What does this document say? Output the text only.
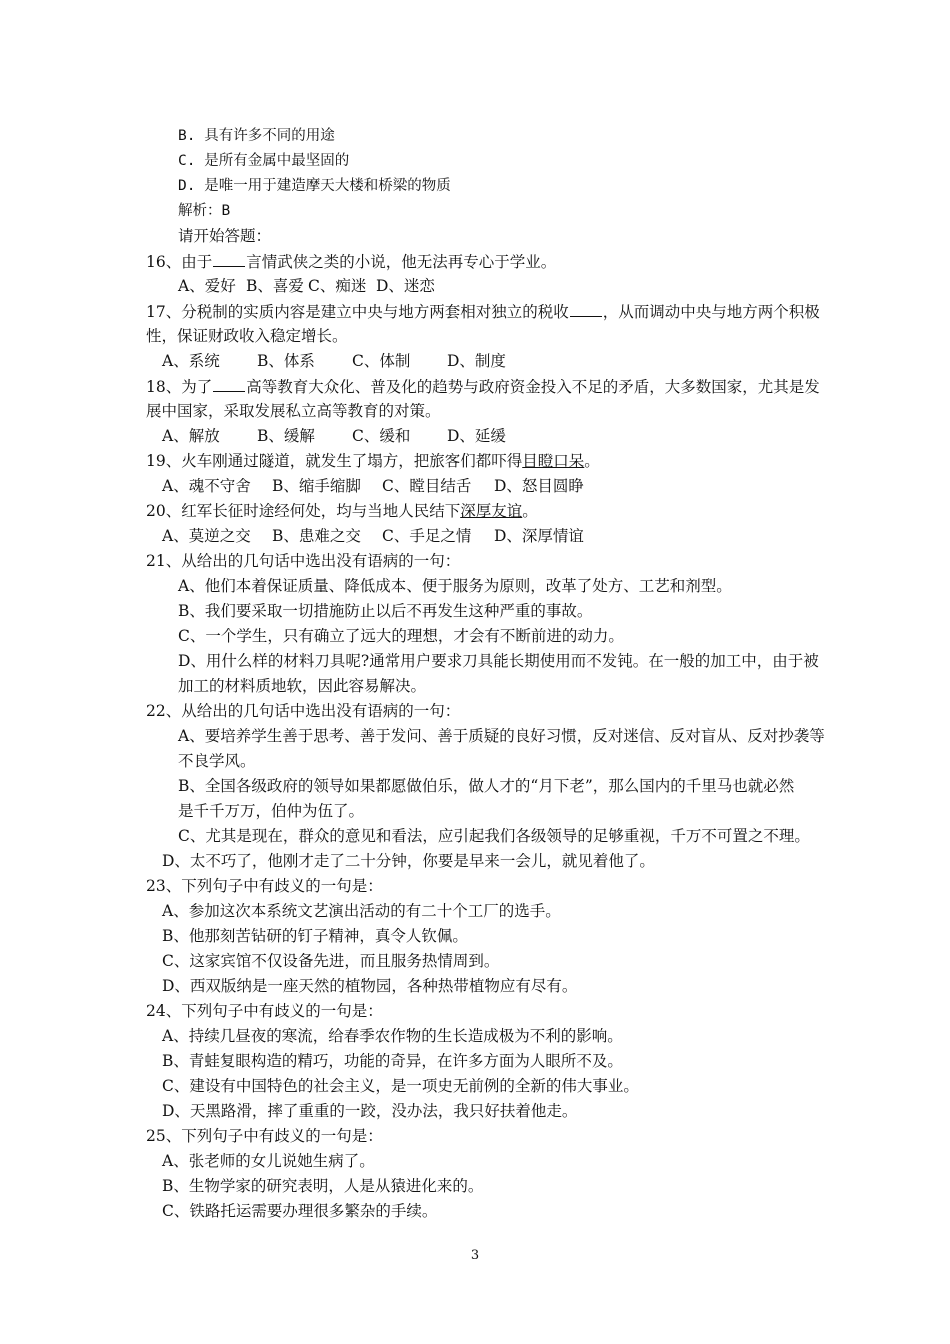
B. 具有许多不同的用途
C. 是所有金属中最坚固的
D. 是唯一用于建造摩天大楼和桥梁的物质
解析：B
请开始答题：
16、由于 言情武侠之类的小说，他无法再专心于学业。
A、爱好 B、喜爱 C、痴迷 D、迷恋
17、分税制的实质内容是建立中央与地方两套相对独立的税收 ，从而调动中央与地方两个积极
性，保证财政收入稳定增长。
A、系统 B、体系 C、体制 D、制度
18、为了 高等教育大众化、普及化的趋势与政府资金投入不足的矛盾，大多数国家，尤其是发
展中国家，采取发展私立高等教育的对策。
A、解放 B、缓解 C、缓和 D、延缓
19、火车刚通过隧道，就发生了塌方，把旅客们都吓得目瞪口呆。
A、魂不守舍 B、缩手缩脚 C、瞠目结舌 D、怒目圆睁
20、红军长征时途经何处，均与当地人民结下深厚友谊。
A、莫逆之交 B、患难之交 C、手足之情 D、深厚情谊
21、从给出的几句话中选出没有语病的一句：
A、他们本着保证质量、降低成本、便于服务为原则，改革了处方、工艺和剂型。
B、我们要采取一切措施防止以后不再发生这种严重的事故。
C、一个学生，只有确立了远大的理想，才会有不断前进的动力。
D、用什么样的材料刀具呢?通常用户要求刀具能长期使用而不发钝。在一般的加工中，由于被
加工的材料质地软，因此容易解决。
22、从给出的几句话中选出没有语病的一句：
A、要培养学生善于思考、善于发问、善于质疑的良好习惯，反对迷信、反对盲从、反对抄袭等
不良学风。
B、全国各级政府的领导如果都愿做伯乐，做人才的“月下老”，那么国内的千里马也就必然
是千千万万，伯仲为伍了。
C、尤其是现在，群众的意见和看法，应引起我们各级领导的足够重视，千万不可置之不理。
D、太不巧了，他刚才走了二十分钟，你要是早来一会儿，就见着他了。
23、下列句子中有歧义的一句是：
A、参加这次本系统文艺演出活动的有二十个工厂的选手。
B、他那刻苦钻研的钉子精神，真令人钦佩。
C、这家宾馆不仅设备先进，而且服务热情周到。
D、西双版纳是一座天然的植物园，各种热带植物应有尽有。
24、下列句子中有歧义的一句是：
A、持续几昼夜的寒流，给春季农作物的生长造成极为不利的影响。
B、青蛙复眼构造的精巧，功能的奇异，在许多方面为人眼所不及。
C、建设有中国特色的社会主义，是一项史无前例的全新的伟大事业。
D、天黑路滑，摔了重重的一跤，没办法，我只好扶着他走。
25、下列句子中有歧义的一句是：
A、张老师的女儿说她生病了。
B、生物学家的研究表明，人是从猿进化来的。
C、铁路托运需要办理很多繁杂的手续。
3
